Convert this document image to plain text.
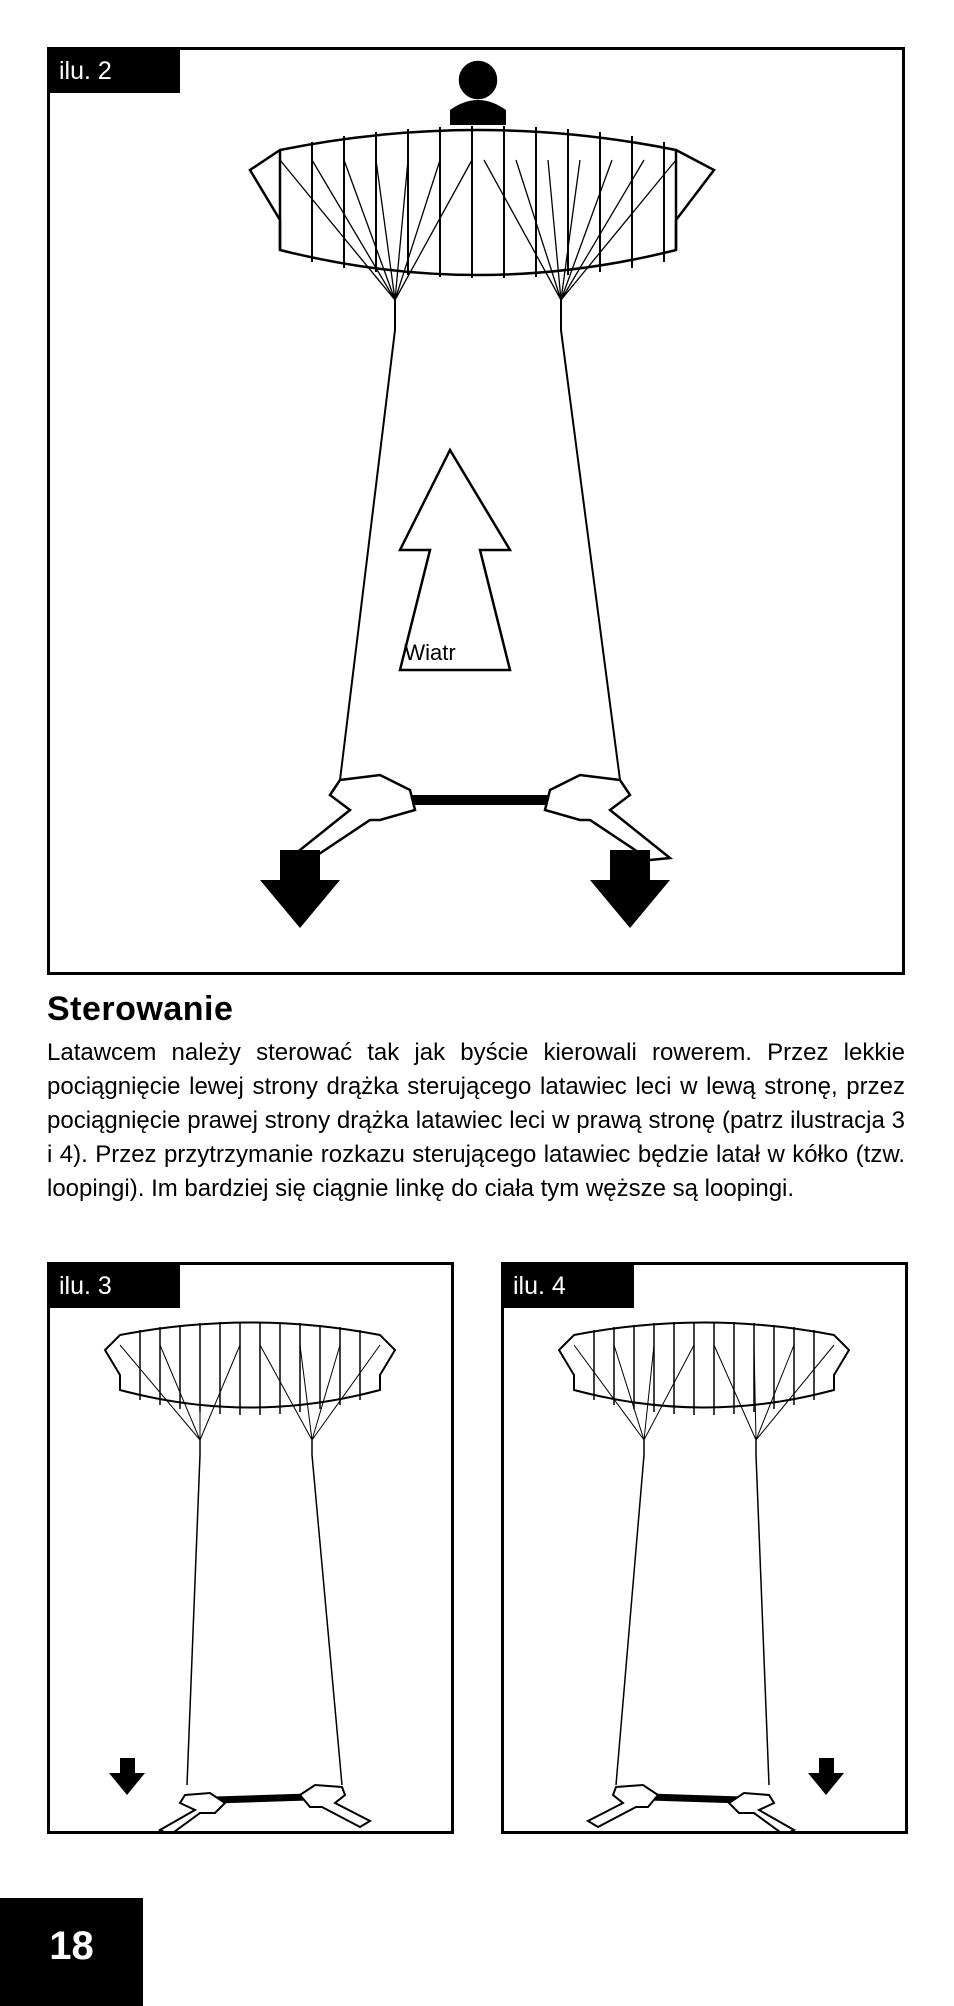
Wiatr
ilu. 2
Sterowanie

Latawcem należy sterować tak jak byście kierowali rowerem. Przez lekkie pociągnięcie lewej strony drążka sterującego latawiec leci w lewą stronę, przez pociągnięcie prawej strony drążka latawiec leci w prawą stronę (patrz ilustracja 3 i 4). Przez przytrzymanie rozkazu sterującego latawiec będzie latał w kółko (tzw. loopingi). Im bardziej się ciągnie linkę do ciała tym węższe są loopingi.

ilu. 3	ilu. 4
18
